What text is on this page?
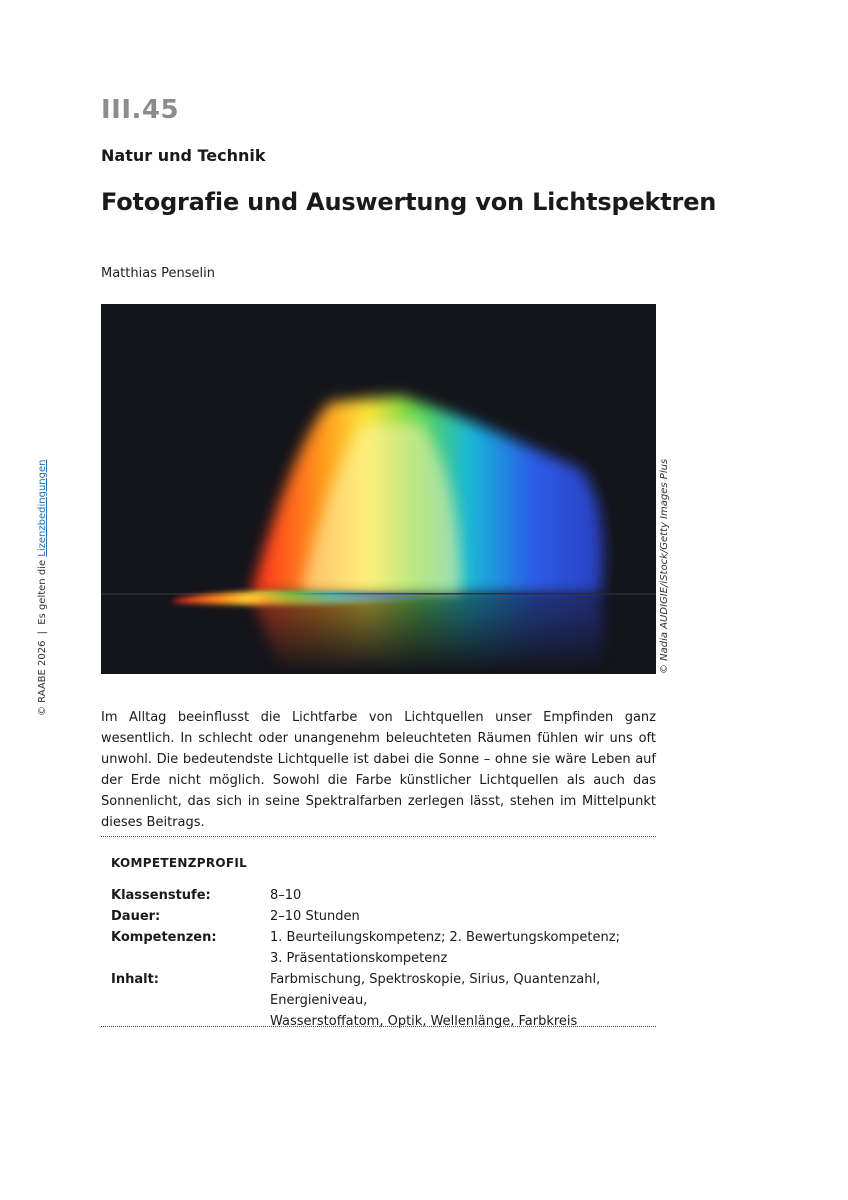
III.45
Natur und Technik
Fotografie und Auswertung von Lichtspektren
Matthias Penselin
© Nadia AUDIGIE/iStock/Getty Images Plus
© RAABE 2026 | Es gelten die Lizenzbedingungen

Im Alltag beeinflusst die Lichtfarbe von Lichtquellen unser Empfinden ganz wesentlich. In schlecht oder unangenehm beleuchteten Räumen fühlen wir uns oft unwohl. Die bedeutendste Lichtquelle ist dabei die Sonne – ohne sie wäre Leben auf der Erde nicht möglich. Sowohl die Farbe künstlicher Lichtquellen als auch das Sonnenlicht, das sich in seine Spektralfarben zerlegen lässt, stehen im Mittelpunkt dieses Beitrags.

KOMPETENZPROFIL
Klassenstufe:	8–10
Dauer:	2–10 Stunden
Kompetenzen:	1. Beurteilungskompetenz; 2. Bewertungskompetenz;
3. Präsentationskompetenz
Inhalt:	Farbmischung, Spektroskopie, Sirius, Quantenzahl, Energieniveau,
Wasserstoffatom, Optik, Wellenlänge, Farbkreis
